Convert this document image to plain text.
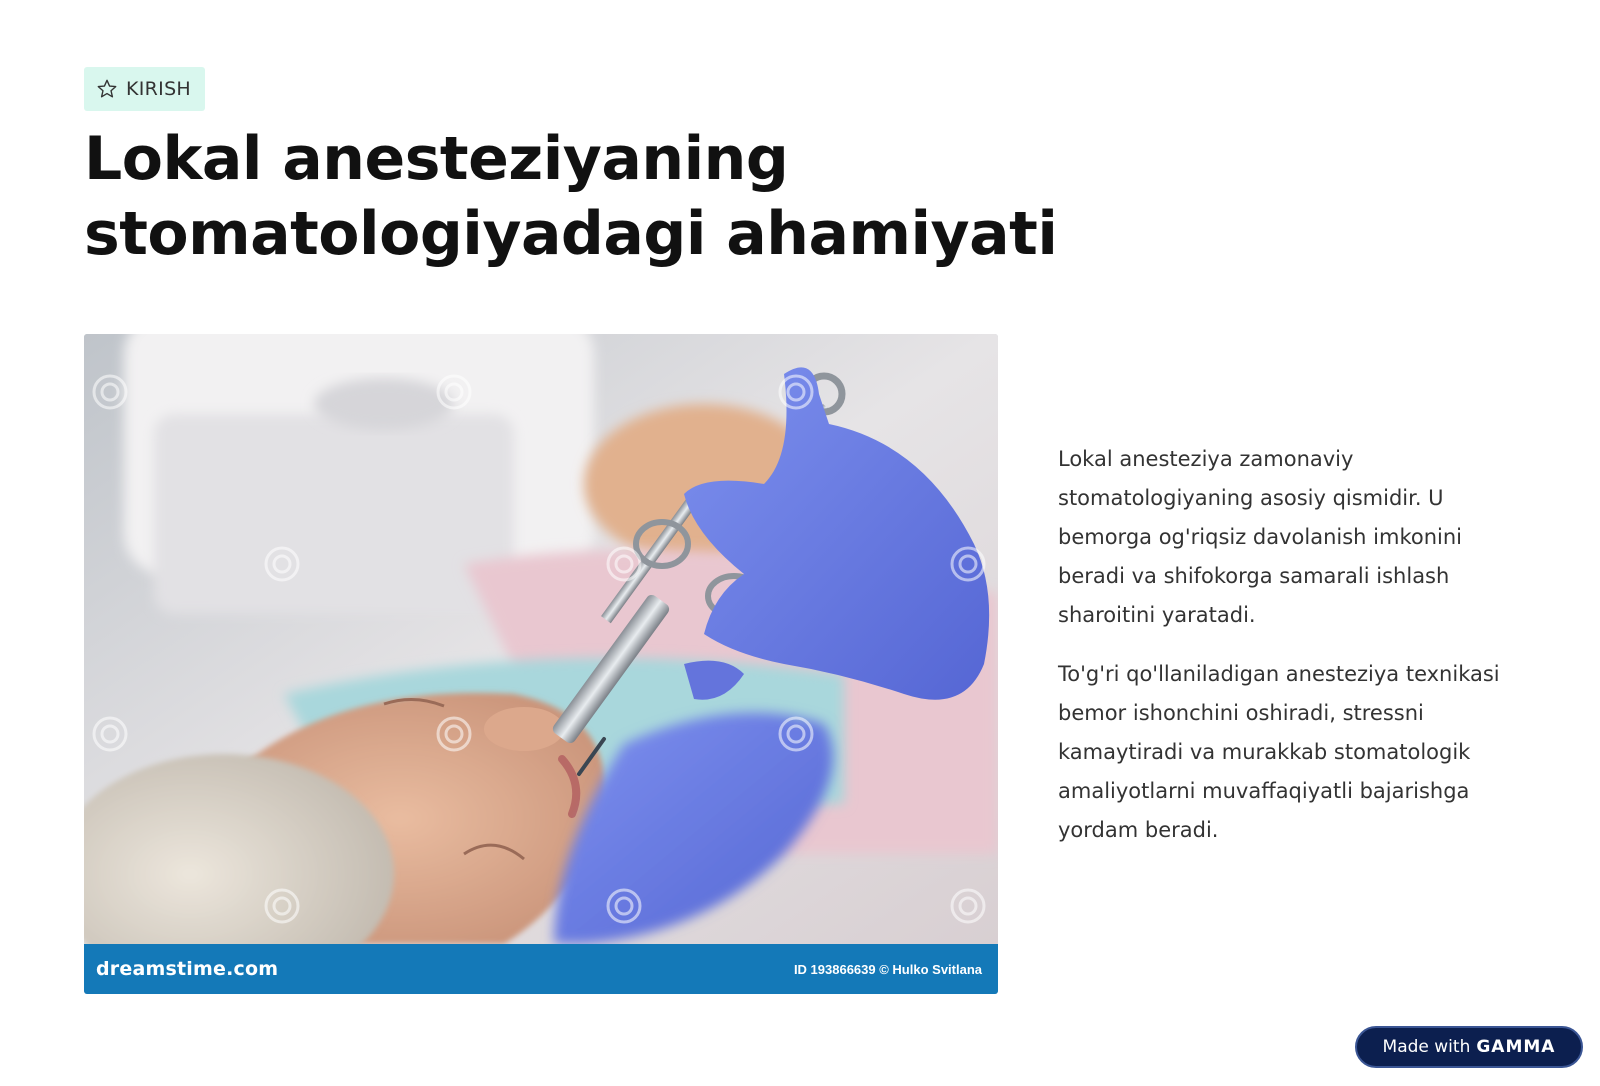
KIRISH
Lokal anesteziyaning stomatologiyadagi ahamiyati
dreamstime.com	ID 193866639 © Hulko Svitlana

Lokal anesteziya zamonaviy stomatologiyaning asosiy qismidir. U bemorga og'riqsiz davolanish imkonini beradi va shifokorga samarali ishlash sharoitini yaratadi.

To'g'ri qo'llaniladigan anesteziya texnikasi bemor ishonchini oshiradi, stressni kamaytiradi va murakkab stomatologik amaliyotlarni muvaffaqiyatli bajarishga yordam beradi.

Made with GAMMA
